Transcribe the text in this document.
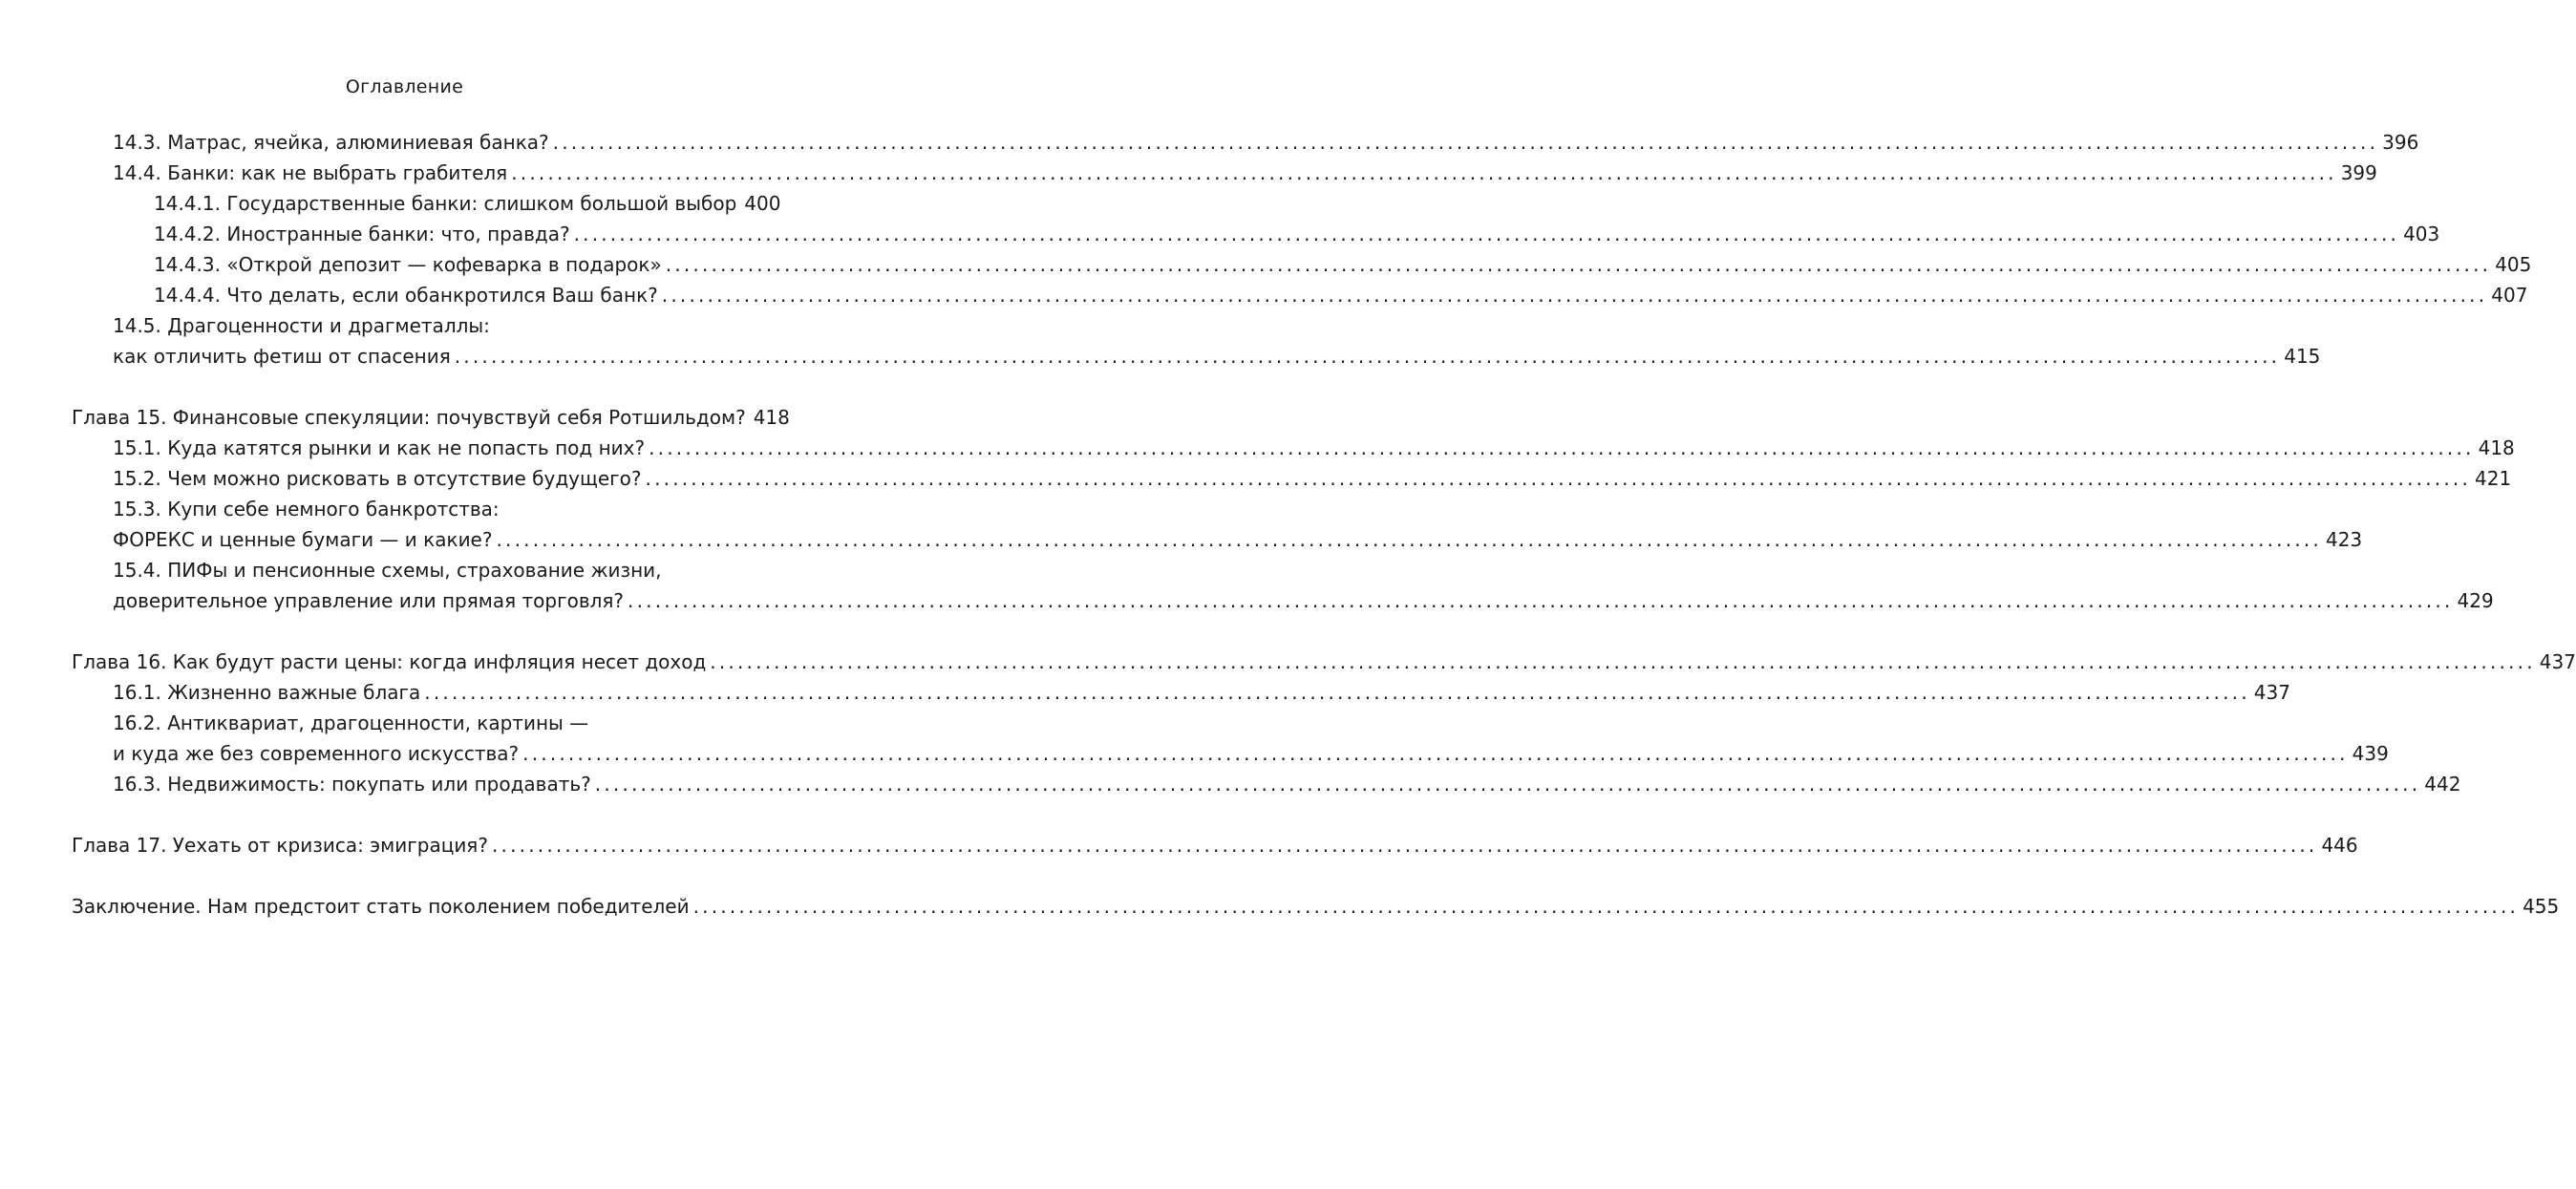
Оглавление
14.3. Матрас, ячейка, алюминиевая банка? ........................................................................................................................................................................................................ 396
14.4. Банки: как не выбрать грабителя ........................................................................................................................................................................................................ 399
14.4.1. Государственные банки: слишком большой выбор 400
14.4.2. Иностранные банки: что, правда? ........................................................................................................................................................................................................ 403
14.4.3. «Открой депозит — кофеварка в подарок» ........................................................................................................................................................................................................ 405
14.4.4. Что делать, если обанкротился Ваш банк? ........................................................................................................................................................................................................ 407
14.5. Драгоценности и драгметаллы:
как отличить фетиш от спасения ........................................................................................................................................................................................................ 415
Глава 15. Финансовые спекуляции: почувствуй себя Ротшильдом? 418
15.1. Куда катятся рынки и как не попасть под них? ........................................................................................................................................................................................................ 418
15.2. Чем можно рисковать в отсутствие будущего? ........................................................................................................................................................................................................ 421
15.3. Купи себе немного банкротства:
ФОРЕКС и ценные бумаги — и какие? ........................................................................................................................................................................................................ 423
15.4. ПИФы и пенсионные схемы, страхование жизни,
доверительное управление или прямая торговля? ........................................................................................................................................................................................................ 429
Глава 16. Как будут расти цены: когда инфляция несет доход ........................................................................................................................................................................................................ 437
16.1. Жизненно важные блага ........................................................................................................................................................................................................ 437
16.2. Антиквариат, драгоценности, картины —
и куда же без современного искусства? ........................................................................................................................................................................................................ 439
16.3. Недвижимость: покупать или продавать? ........................................................................................................................................................................................................ 442
Глава 17. Уехать от кризиса: эмиграция? ........................................................................................................................................................................................................ 446
Заключение. Нам предстоит стать поколением победителей ........................................................................................................................................................................................................ 455
